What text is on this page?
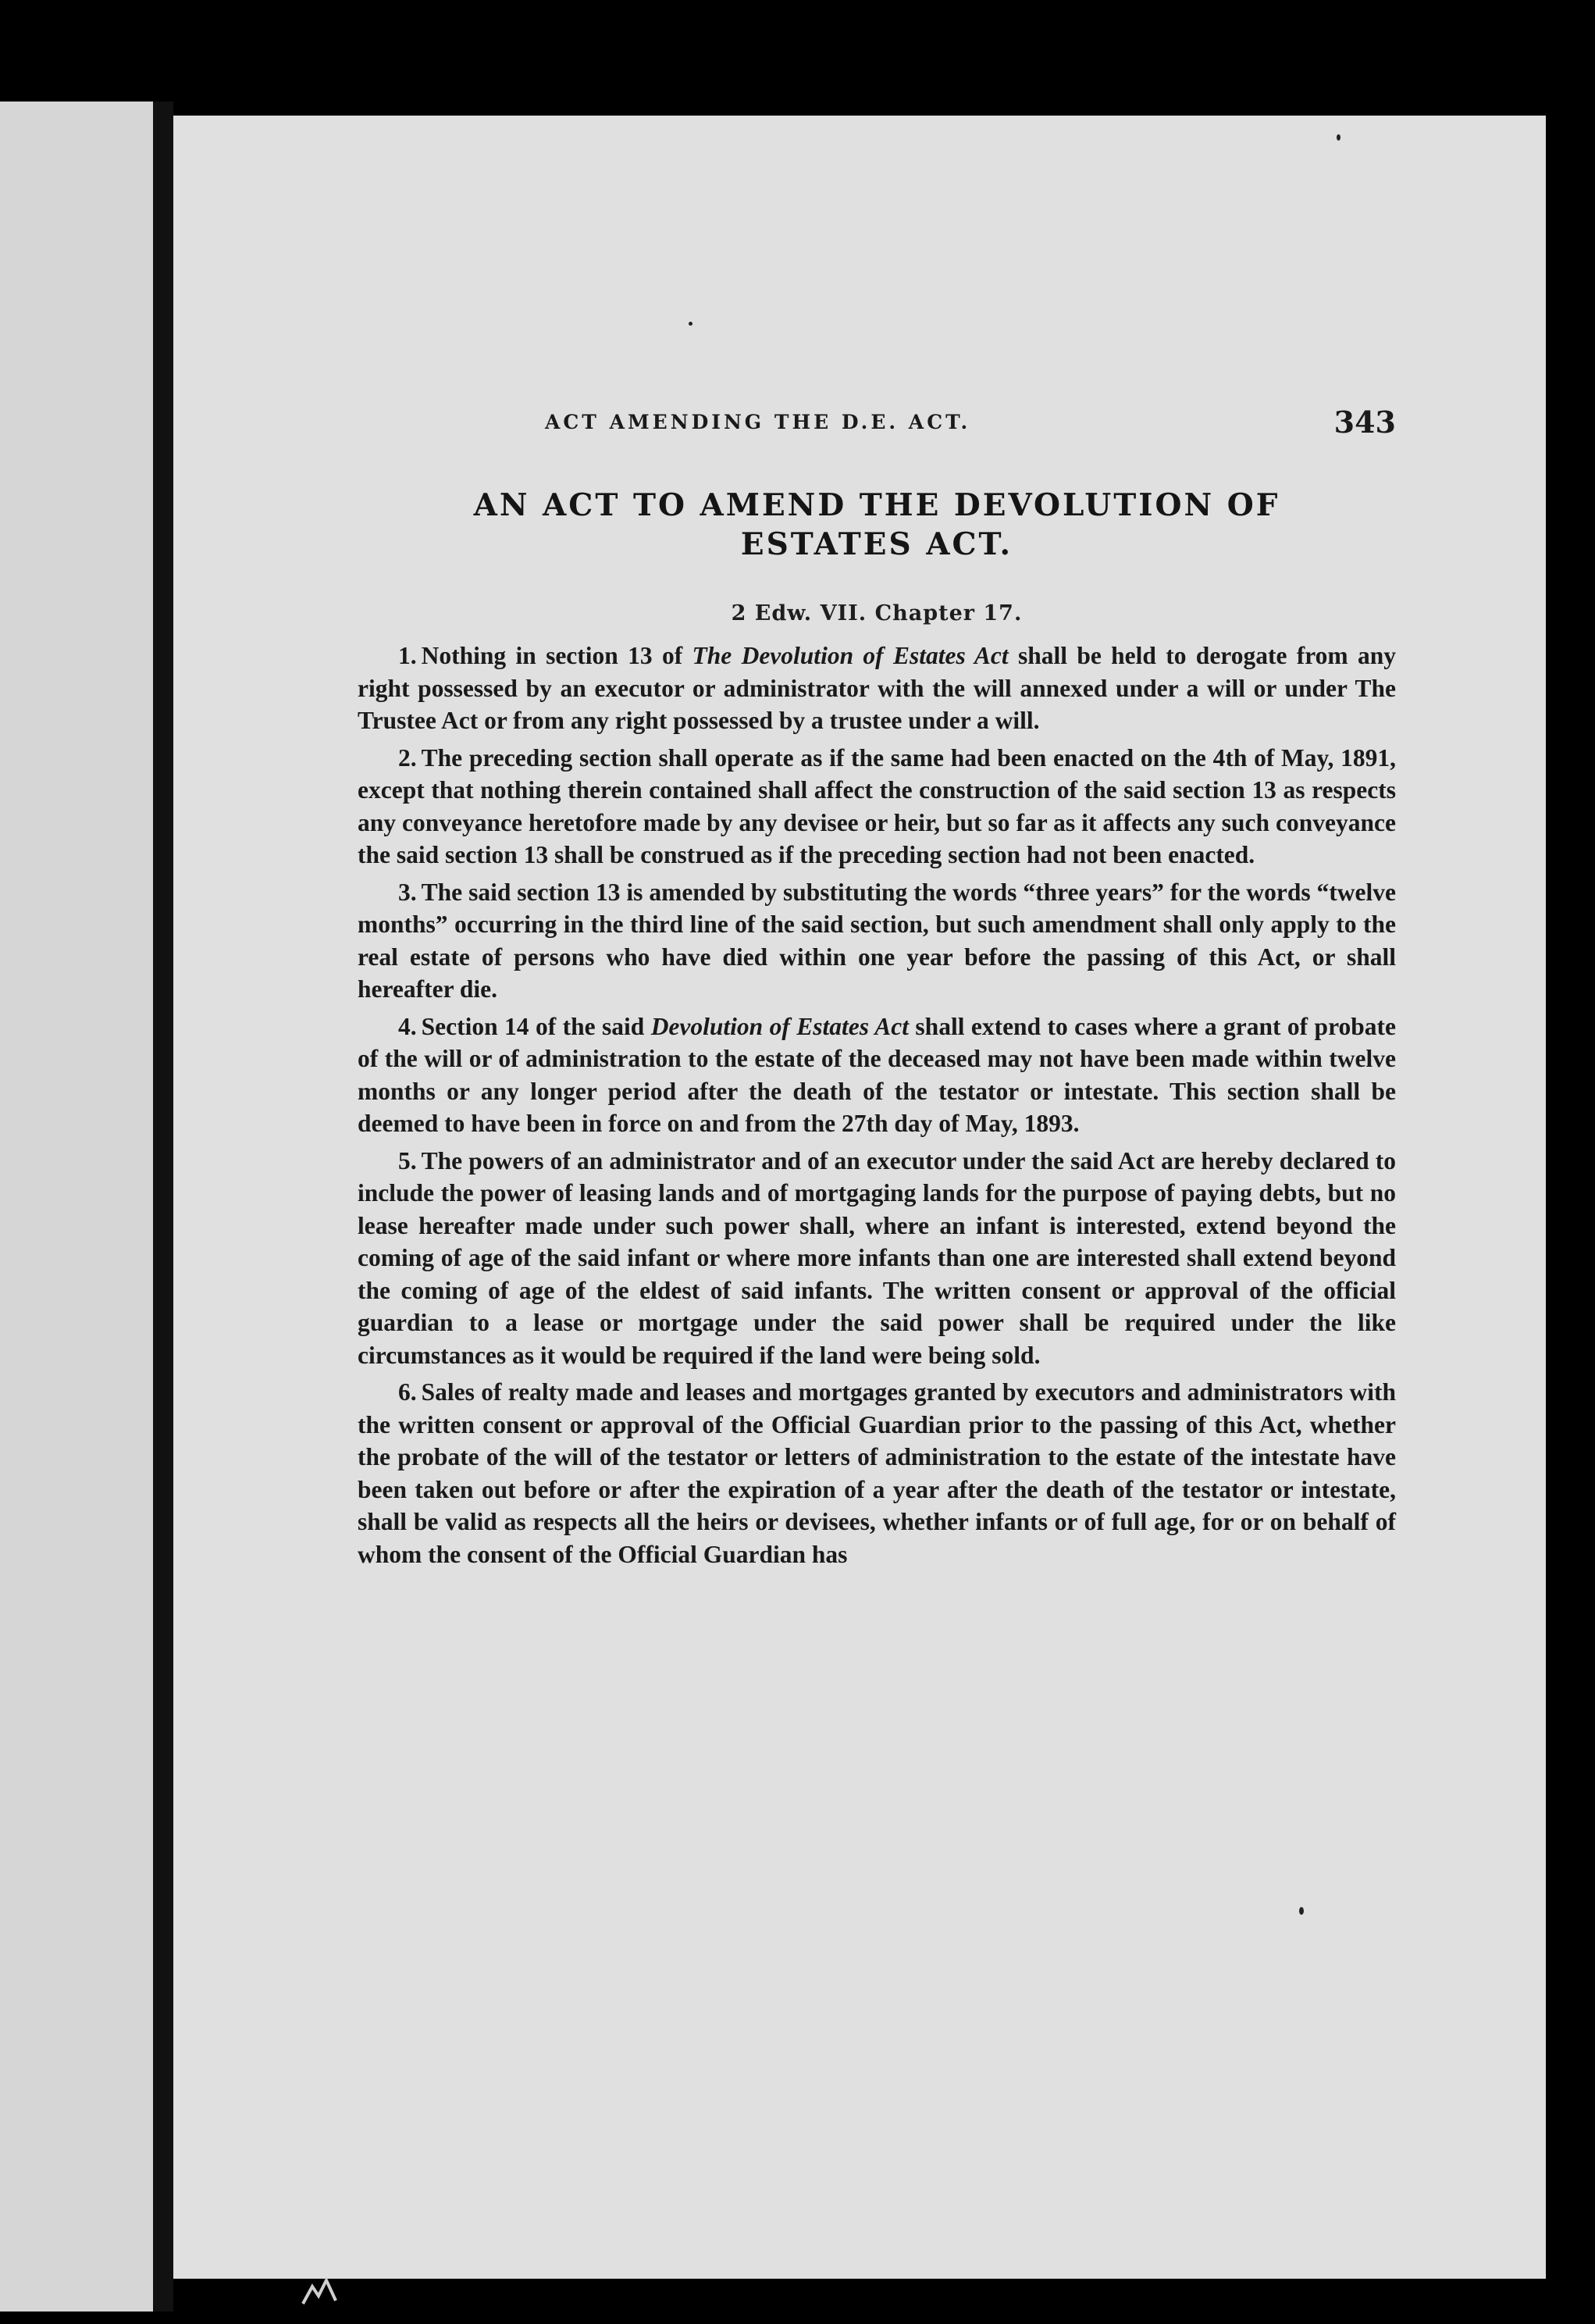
ACT AMENDING THE D.E. ACT.	343
AN ACT TO AMEND THE DEVOLUTION OF
ESTATES ACT.
2 Edw. VII. Chapter 17.

1. Nothing in section 13 of The Devolution of Estates Act shall be held to derogate from any right possessed by an executor or administrator with the will annexed under a will or under The Trustee Act or from any right possessed by a trustee under a will.

2. The preceding section shall operate as if the same had been enacted on the 4th of May, 1891, except that nothing therein contained shall affect the construction of the said section 13 as respects any conveyance heretofore made by any devisee or heir, but so far as it affects any such conveyance the said section 13 shall be construed as if the preceding section had not been enacted.

3. The said section 13 is amended by substituting the words “three years” for the words “twelve months” occurring in the third line of the said section, but such amendment shall only apply to the real estate of persons who have died within one year before the passing of this Act, or shall hereafter die.

4. Section 14 of the said Devolution of Estates Act shall extend to cases where a grant of probate of the will or of administration to the estate of the deceased may not have been made within twelve months or any longer period after the death of the testator or intestate. This section shall be deemed to have been in force on and from the 27th day of May, 1893.

5. The powers of an administrator and of an executor under the said Act are hereby declared to include the power of leasing lands and of mortgaging lands for the purpose of paying debts, but no lease hereafter made under such power shall, where an infant is interested, extend beyond the coming of age of the said infant or where more infants than one are interested shall extend beyond the coming of age of the eldest of said infants. The written consent or approval of the official guardian to a lease or mortgage under the said power shall be required under the like circumstances as it would be required if the land were being sold.

6. Sales of realty made and leases and mortgages granted by executors and administrators with the written consent or approval of the Official Guardian prior to the passing of this Act, whether the probate of the will of the testator or letters of administration to the estate of the intestate have been taken out before or after the expiration of a year after the death of the testator or intestate, shall be valid as respects all the heirs or devisees, whether infants or of full age, for or on behalf of whom the consent of the Official Guardian has
